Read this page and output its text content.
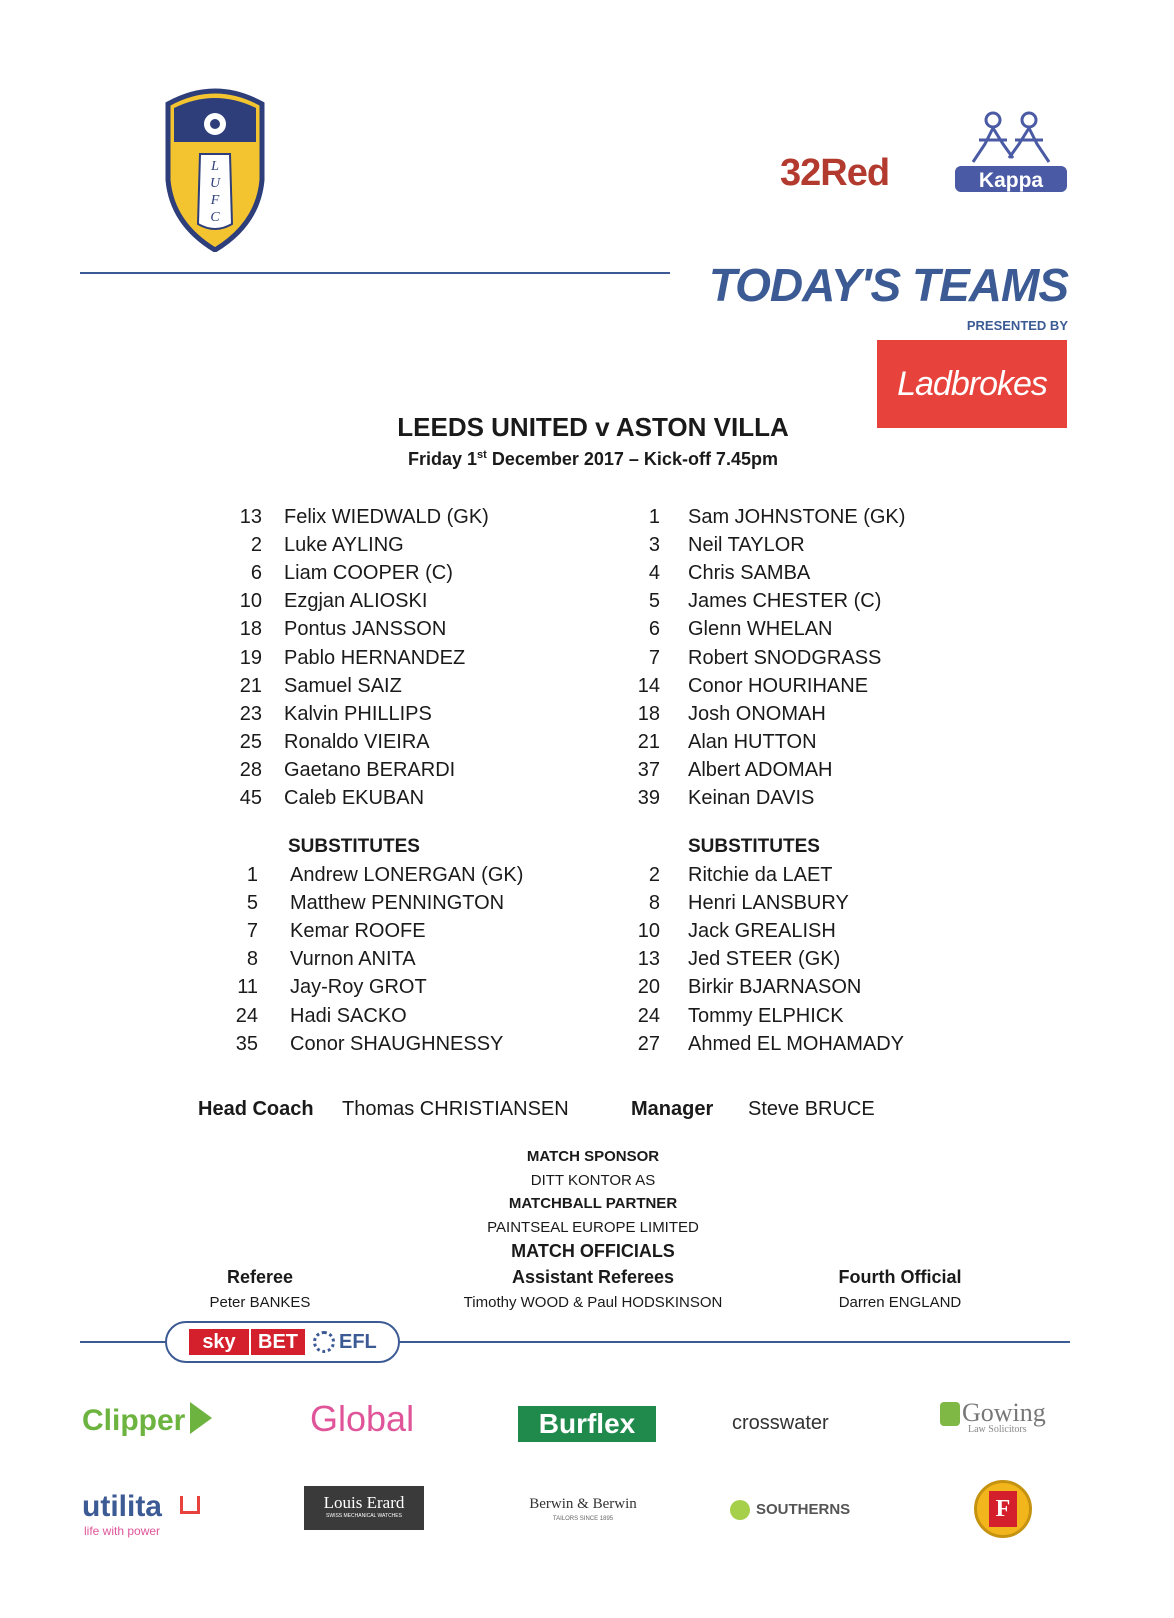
L
U
F
C
32Red	Kappa
TODAY'S TEAMS
PRESENTED BY
Ladbrokes
LEEDS UNITED v ASTON VILLA
Friday 1st December 2017 – Kick-off 7.45pm
13 Felix WIEDWALD (GK)
2 Luke AYLING
6 Liam COOPER (C)
10 Ezgjan ALIOSKI
18 Pontus JANSSON
19 Pablo HERNANDEZ
21 Samuel SAIZ
23 Kalvin PHILLIPS
25 Ronaldo VIEIRA
28 Gaetano BERARDI
45 Caleb EKUBAN
SUBSTITUTES
1 Andrew LONERGAN (GK)
5 Matthew PENNINGTON
7 Kemar ROOFE
8 Vurnon ANITA
11 Jay-Roy GROT
24 Hadi SACKO
35 Conor SHAUGHNESSY
1 Sam JOHNSTONE (GK)
3 Neil TAYLOR
4 Chris SAMBA
5 James CHESTER (C)
6 Glenn WHELAN
7 Robert SNODGRASS
14 Conor HOURIHANE
18 Josh ONOMAH
21 Alan HUTTON
37 Albert ADOMAH
39 Keinan DAVIS
SUBSTITUTES
2 Ritchie da LAET
8 Henri LANSBURY
10 Jack GREALISH
13 Jed STEER (GK)
20 Birkir BJARNASON
24 Tommy ELPHICK
27 Ahmed EL MOHAMADY
Head Coach Thomas CHRISTIANSEN	Manager Steve BRUCE
MATCH SPONSOR
DITT KONTOR AS
MATCHBALL PARTNER
PAINTSEAL EUROPE LIMITED
MATCH OFFICIALS
Referee
Peter BANKES
Assistant Referees
Timothy WOOD & Paul HODSKINSON
Fourth Official
Darren ENGLAND
sky	BET	EFL
Clipper	Global	Burflex	crosswater	Gowing
Law Solicitors
utilita
life with power
Louis Erard
SWISS MECHANICAL WATCHES
Berwin & Berwin
TAILORS SINCE 1895
SOUTHERNS	F
